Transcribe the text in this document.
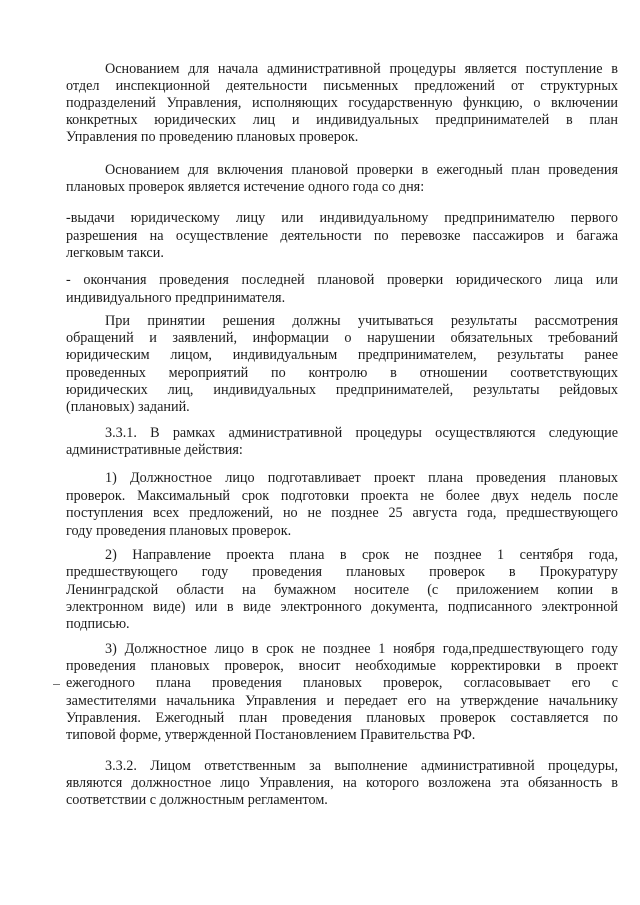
Основанием для начала административной процедуры является поступление в
отдел инспекционной деятельности письменных предложений от структурных
подразделений Управления, исполняющих государственную функцию, о включении
конкретных юридических лиц и индивидуальных предпринимателей в план
Управления по проведению плановых проверок.
Основанием для включения плановой проверки в ежегодный план проведения
плановых проверок является истечение одного года со дня:
-выдачи юридическому лицу или индивидуальному предпринимателю первого
разрешения на осуществление деятельности по перевозке пассажиров и багажа
легковым такси.
- окончания проведения последней плановой проверки юридического лица или
индивидуального предпринимателя.
При принятии решения должны учитываться результаты рассмотрения
обращений и заявлений, информации о нарушении обязательных требований
юридическим лицом, индивидуальным предпринимателем, результаты ранее
проведенных мероприятий по контролю в отношении соответствующих
юридических лиц, индивидуальных предпринимателей, результаты рейдовых
(плановых) заданий.
3.3.1. В рамках административной процедуры осуществляются следующие
административные действия:
1) Должностное лицо подготавливает проект плана проведения плановых
проверок. Максимальный срок подготовки проекта не более двух недель после
поступления всех предложений, но не позднее 25 августа года, предшествующего
году проведения плановых проверок.
2) Направление проекта плана в срок не позднее 1 сентября года,
предшествующего году проведения плановых проверок в Прокуратуру
Ленинградской области на бумажном носителе (с приложением копии в
электронном виде) или в виде электронного документа, подписанного электронной
подписью.
3) Должностное лицо в срок не позднее 1 ноября года,предшествующего году
проведения плановых проверок, вносит необходимые корректировки в проект
ежегодного плана проведения плановых проверок, согласовывает его с
заместителями начальника Управления и передает его на утверждение начальнику
Управления. Ежегодный план проведения плановых проверок составляется по
типовой форме, утвержденной Постановлением Правительства РФ.
3.3.2. Лицом ответственным за выполнение административной процедуры,
являются должностное лицо Управления, на которого возложена эта обязанность в
соответствии с должностным регламентом.
